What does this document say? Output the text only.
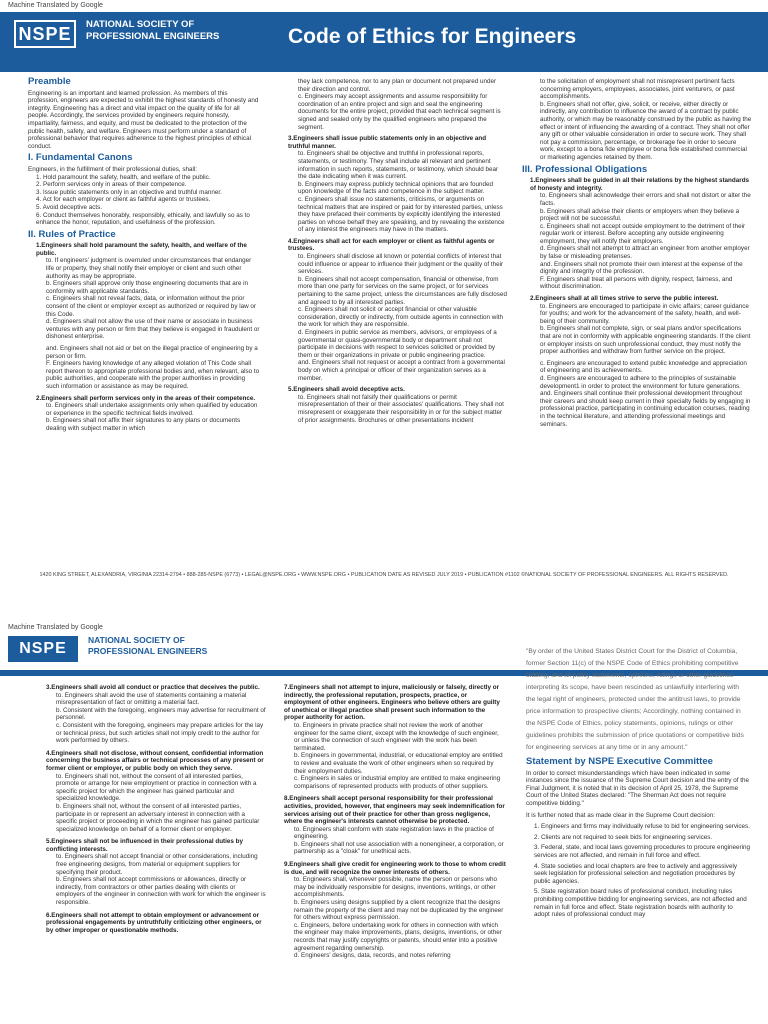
Machine Translated by Google
NSPE	NATIONAL SOCIETY OF
PROFESSIONAL ENGINEERS	Code of Ethics for Engineers
Preamble

Engineering is an important and learned profession. As members of this profession, engineers are expected to exhibit the highest standards of honesty and integrity. Engineering has a direct and vital impact on the quality of life for all people. Accordingly, the services provided by engineers require honesty, impartiality, fairness, and equity, and must be dedicated to the protection of the public health, safety, and welfare. Engineers must perform under a standard of professional behavior that requires adherence to the highest principles of ethical conduct.

I. Fundamental Canons
Engineers, in the fulfillment of their professional duties, shall:
1. Hold paramount the safety, health, and welfare of the public.
2. Perform services only in areas of their competence.
3. Issue public statements only in an objective and truthful manner.
4. Act for each employer or client as faithful agents or trustees.
5. Avoid deceptive acts.
6. Conduct themselves honorably, responsibly, ethically, and lawfully so as to enhance the honor, reputation, and usefulness of the profession.
II. Rules of Practice
1.Engineers shall hold paramount the safety, health, and welfare of the public.
to. If engineers' judgment is overruled under circumstances that endanger life or property, they shall notify their employer or client and such other authority as may be appropriate.
b. Engineers shall approve only those engineering documents that are in conformity with applicable standards.
c. Engineers shall not reveal facts, data, or information without the prior consent of the client or employer except as authorized or required by law or this Code.
d. Engineers shall not allow the use of their name or associate in business ventures with any person or firm that they believe is engaged in fraudulent or dishonest enterprise.
and. Engineers shall not aid or bet on the illegal practice of engineering by a person or firm.
F. Engineers having knowledge of any alleged violation of This Code shall report thereon to appropriate professional bodies and, when relevant, also to public authorities, and cooperate with the proper authorities in providing such information or assistance as may be required.
2.Engineers shall perform services only in the areas of their competence.
to. Engineers shall undertake assignments only when qualified by education or experience in the specific technical fields involved.
b. Engineers shall not affix their signatures to any plans or documents dealing with subject matter in which
they lack competence, nor to any plan or document not prepared under their direction and control.
c. Engineers may accept assignments and assume responsibility for coordination of an entire project and sign and seal the engineering documents for the entire project, provided that each technical segment is signed and sealed only by the qualified engineers who prepared the segment.
3.Engineers shall issue public statements only in an objective and truthful manner.
to. Engineers shall be objective and truthful in professional reports, statements, or testimony. They shall include all relevant and pertinent information in such reports, statements, or testimony, which should bear the date indicating when it was current.
b. Engineers may express publicly technical opinions that are founded upon knowledge of the facts and competence in the subject matter.
c. Engineers shall issue no statements, criticisms, or arguments on technical matters that are inspired or paid for by interested parties, unless they have prefaced their comments by explicitly identifying the interested parties on whose behalf they are speaking, and by revealing the existence of any interest the engineers may have in the matters.
4.Engineers shall act for each employer or client as faithful agents or trustees.
to. Engineers shall disclose all known or potential conflicts of interest that could influence or appear to influence their judgment or the quality of their services.
b. Engineers shall not accept compensation, financial or otherwise, from more than one party for services on the same project, or for services pertaining to the same project, unless the circumstances are fully disclosed and agreed to by all interested parties.
c. Engineers shall not solicit or accept financial or other valuable consideration, directly or indirectly, from outside agents in connection with the work for which they are responsible.
d. Engineers in public service as members, advisors, or employees of a governmental or quasi-governmental body or department shall not participate in decisions with respect to services solicited or provided by them or their organizations in private or public engineering practice.
and. Engineers shall not request or accept a contract from a governmental body on which a principal or officer of their organization serves as a member.
5.Engineers shall avoid deceptive acts.
to. Engineers shall not falsify their qualifications or permit misrepresentation of their or their associates' qualifications. They shall not misrepresent or exaggerate their responsibility in or for the subject matter of prior assignments. Brochures or other presentations incident
to the solicitation of employment shall not misrepresent pertinent facts concerning employers, employees, associates, joint venturers, or past accomplishments.
b. Engineers shall not offer, give, solicit, or receive, either directly or indirectly, any contribution to influence the award of a contract by public authority, or which may be reasonably construed by the public as having the effect or intent of influencing the awarding of a contract. They shall not offer any gift or other valuable consideration in order to secure work. They shall not pay a commission, percentage, or brokerage fee in order to secure work, except to a bona fide employee or bona fide established commercial or marketing agencies retained by them.
III. Professional Obligations
1.Engineers shall be guided in all their relations by the highest standards of honesty and integrity.
to. Engineers shall acknowledge their errors and shall not distort or alter the facts.
b. Engineers shall advise their clients or employers when they believe a project will not be successful.
c. Engineers shall not accept outside employment to the detriment of their regular work or interest. Before accepting any outside engineering employment, they will notify their employers.
d. Engineers shall not attempt to attract an engineer from another employer by false or misleading pretenses.
and. Engineers shall not promote their own interest at the expense of the dignity and integrity of the profession.
F. Engineers shall treat all persons with dignity, respect, fairness, and without discrimination.
2.Engineers shall at all times strive to serve the public interest.
to. Engineers are encouraged to participate in civic affairs; career guidance for youths; and work for the advancement of the safety, health, and well-being of their community.
b. Engineers shall not complete, sign, or seal plans and/or specifications that are not in conformity with applicable engineering standards. If the client or employer insists on such unprofessional conduct, they must notify the proper authorities and withdraw from further service on the project.
c. Engineers are encouraged to extend public knowledge and appreciation of engineering and its achievements.
d. Engineers are encouraged to adhere to the principles of sustainable development1 in order to protect the environment for future generations.
and. Engineers shall continue their professional development throughout their careers and should keep current in their specialty fields by engaging in professional practice, participating in continuing education courses, reading in the technical literature, and attending professional meetings and seminars.
1420 KING STREET, ALEXANDRIA, VIRGINIA 22314-2794 • 888-285-NSPE (6773) • LEGAL@NSPE.ORG • WWW.NSPE.ORG • PUBLICATION DATE AS REVISED JULY 2019 • PUBLICATION #1102 ©NATIONAL SOCIETY OF PROFESSIONAL ENGINEERS. ALL RIGHTS RESERVED.
Machine Translated by Google
NSPE	NATIONAL SOCIETY OF
PROFESSIONAL ENGINEERS
3.Engineers shall avoid all conduct or practice that deceives the public.
to. Engineers shall avoid the use of statements containing a material misrepresentation of fact or omitting a material fact.
b. Consistent with the foregoing, engineers may advertise for recruitment of personnel.
c. Consistent with the foregoing, engineers may prepare articles for the lay or technical press, but such articles shall not imply credit to the author for work performed by others.
4.Engineers shall not disclose, without consent, confidential information concerning the business affairs or technical processes of any present or former client or employer, or public body on which they serve.
to. Engineers shall not, without the consent of all interested parties, promote or arrange for new employment or practice in connection with a specific project for which the engineer has gained particular and specialized knowledge.
b. Engineers shall not, without the consent of all interested parties, participate in or represent an adversary interest in connection with a specific project or proceeding in which the engineer has gained particular specialized knowledge on behalf of a former client or employer.
5.Engineers shall not be influenced in their professional duties by conflicting interests.
to. Engineers shall not accept financial or other considerations, including free engineering designs, from material or equipment suppliers for specifying their product.
b. Engineers shall not accept commissions or allowances, directly or indirectly, from contractors or other parties dealing with clients or employers of the engineer in connection with work for which the engineer is responsible.
6.Engineers shall not attempt to obtain employment or advancement or professional engagements by untruthfully criticizing other engineers, or by other improper or questionable methods.
7.Engineers shall not attempt to injure, maliciously or falsely, directly or indirectly, the professional reputation, prospects, practice, or employment of other engineers. Engineers who believe others are guilty of unethical or illegal practice shall present such information to the proper authority for action.
to. Engineers in private practice shall not review the work of another engineer for the same client, except with the knowledge of such engineer, or unless the connection of such engineer with the work has been terminated.
b. Engineers in governmental, industrial, or educational employ are entitled to review and evaluate the work of other engineers when so required by their employment duties.
c. Engineers in sales or industrial employ are entitled to make engineering comparisons of represented products with products of other suppliers.
8.Engineers shall accept personal responsibility for their professional activities, provided, however, that engineers may seek indemnification for services arising out of their practice for other than gross negligence, where the engineer's interests cannot otherwise be protected.
to. Engineers shall conform with state registration laws in the practice of engineering.
b. Engineers shall not use association with a nonengineer, a corporation, or partnership as a "cloak" for unethical acts.
9.Engineers shall give credit for engineering work to those to whom credit is due, and will recognize the owner interests of others.
to. Engineers shall, whenever possible, name the person or persons who may be individually responsible for designs, inventions, writings, or other accomplishments.
b. Engineers using designs supplied by a client recognize that the designs remain the property of the client and may not be duplicated by the engineer for others without express permission.
c. Engineers, before undertaking work for others in connection with which the engineer may make improvements, plans, designs, inventions, or other records that may justify copyrights or patents, should enter into a positive agreement regarding ownership.
d. Engineers' designs, data, records, and notes referring

"By order of the United States District Court for the District of Columbia, former Section 11(c) of the NSPE Code of Ethics prohibiting competitive bidding, and all policy statements, opinions, rulings or other guidelines interpreting its scope, have been rescinded as unlawfully interfering with the legal right of engineers, protected under the antitrust laws, to provide price information to prospective clients; Accordingly, nothing contained in the NSPE Code of Ethics, policy statements, opinions, rulings or other guidelines prohibits the submission of price quotations or competitive bids for engineering services at any time or in any amount."

Statement by NSPE Executive Committee

In order to correct misunderstandings which have been indicated in some instances since the issuance of the Supreme Court decision and the entry of the Final Judgment, it is noted that in its decision of April 25, 1978, the Supreme Court of the United States declared: "The Sherman Act does not require competitive bidding."

It is further noted that as made clear in the Supreme Court decision:

1. Engineers and firms may individually refuse to bid for engineering services.
2. Clients are not required to seek bids for engineering services.
3. Federal, state, and local laws governing procedures to procure engineering services are not affected, and remain in full force and effect.
4. State societies and local chapters are free to actively and aggressively seek legislation for professional selection and negotiation procedures by public agencies.
5. State registration board rules of professional conduct, including rules prohibiting competitive bidding for engineering services, are not affected and remain in full force and effect. State registration boards with authority to adopt rules of professional conduct may
